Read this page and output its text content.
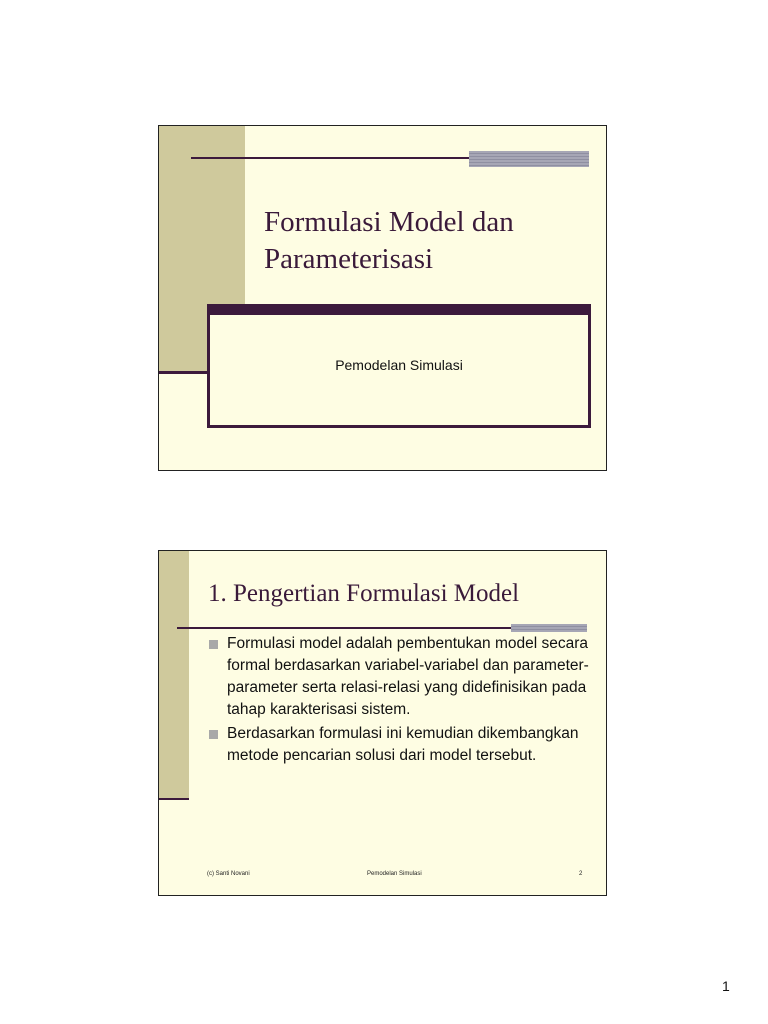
Formulasi Model dan Parameterisasi
Pemodelan Simulasi
1. Pengertian Formulasi Model
Formulasi model adalah pembentukan model secara formal berdasarkan variabel-variabel dan parameter-parameter serta relasi-relasi yang didefinisikan pada tahap karakterisasi sistem.
Berdasarkan formulasi ini kemudian dikembangkan metode pencarian solusi dari model tersebut.
(c) Santi Novani	Pemodelan Simulasi	2
1
